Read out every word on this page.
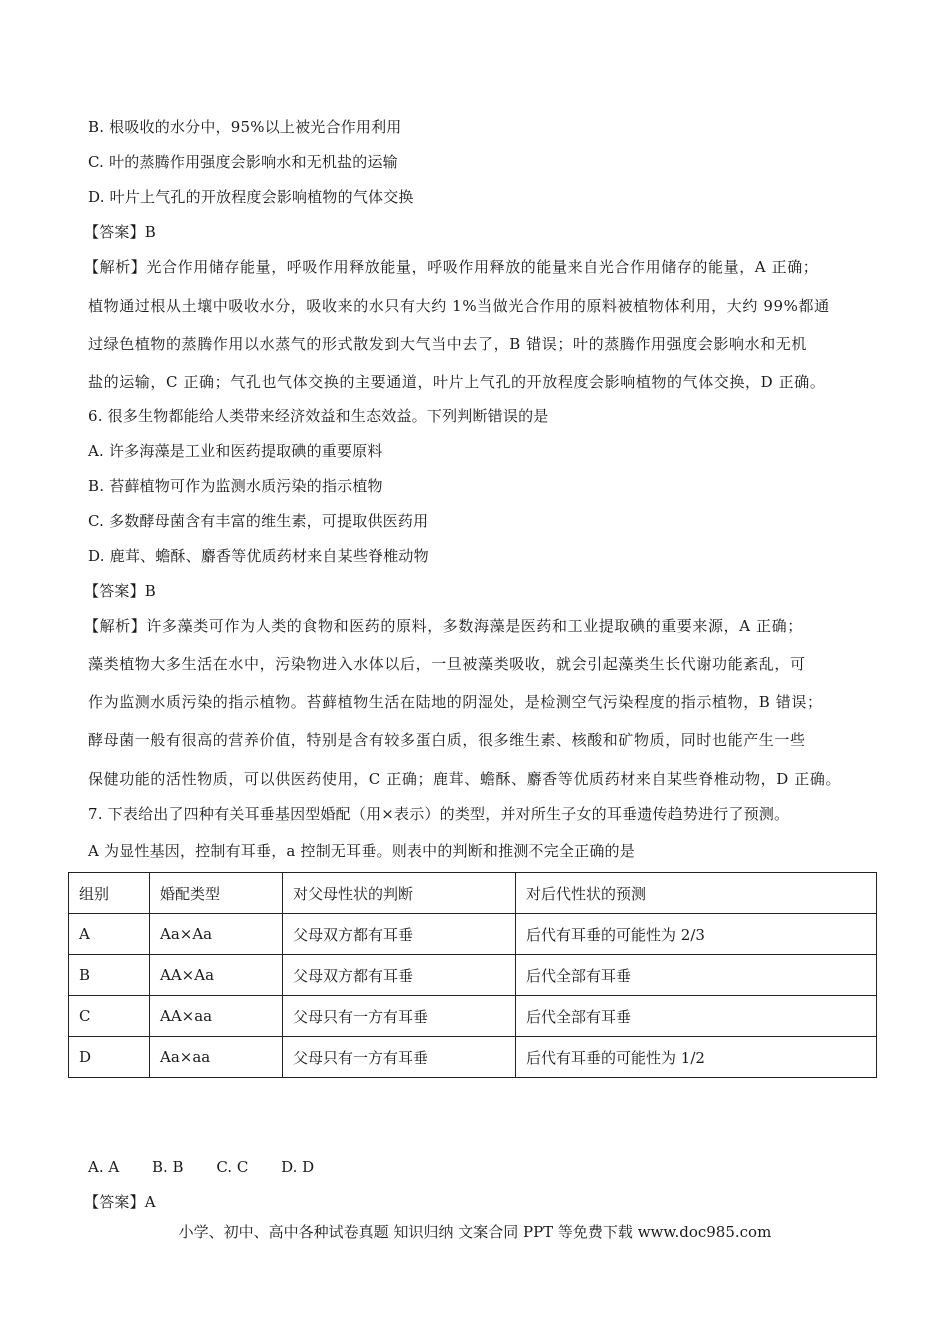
B. 根吸收的水分中，95%以上被光合作用利用
C. 叶的蒸腾作用强度会影响水和无机盐的运输
D. 叶片上气孔的开放程度会影响植物的气体交换
【答案】B
【解析】光合作用储存能量，呼吸作用释放能量，呼吸作用释放的能量来自光合作用储存的能量，A 正确；
植物通过根从土壤中吸收水分，吸收来的水只有大约 1%当做光合作用的原料被植物体利用，大约 99%都通
过绿色植物的蒸腾作用以水蒸气的形式散发到大气当中去了，B 错误；叶的蒸腾作用强度会影响水和无机
盐的运输，C 正确；气孔也气体交换的主要通道，叶片上气孔的开放程度会影响植物的气体交换，D 正确。
6. 很多生物都能给人类带来经济效益和生态效益。下列判断错误的是
A. 许多海藻是工业和医药提取碘的重要原料
B. 苔藓植物可作为监测水质污染的指示植物
C. 多数酵母菌含有丰富的维生素，可提取供医药用
D. 鹿茸、蟾酥、麝香等优质药材来自某些脊椎动物
【答案】B
【解析】许多藻类可作为人类的食物和医药的原料，多数海藻是医药和工业提取碘的重要来源，A 正确；
藻类植物大多生活在水中，污染物进入水体以后，一旦被藻类吸收，就会引起藻类生长代谢功能紊乱，可
作为监测水质污染的指示植物。苔藓植物生活在陆地的阴湿处，是检测空气污染程度的指示植物，B 错误；
酵母菌一般有很高的营养价值，特别是含有较多蛋白质，很多维生素、核酸和矿物质，同时也能产生一些
保健功能的活性物质，可以供医药使用，C 正确；鹿茸、蟾酥、麝香等优质药材来自某些脊椎动物，D 正确。
7. 下表给出了四种有关耳垂基因型婚配（用×表示）的类型，并对所生子女的耳垂遗传趋势进行了预测。
A 为显性基因，控制有耳垂，a 控制无耳垂。则表中的判断和推测不完全正确的是
组别	婚配类型	对父母性状的判断	对后代性状的预测
A	Aa×Aa	父母双方都有耳垂	后代有耳垂的可能性为 2/3
B	AA×Aa	父母双方都有耳垂	后代全部有耳垂
C	AA×aa	父母只有一方有耳垂	后代全部有耳垂
D	Aa×aa	父母只有一方有耳垂	后代有耳垂的可能性为 1/2
A. A B. B C. C D. D
【答案】A
小学、初中、高中各种试卷真题 知识归纳 文案合同 PPT 等免费下载 www.doc985.com
